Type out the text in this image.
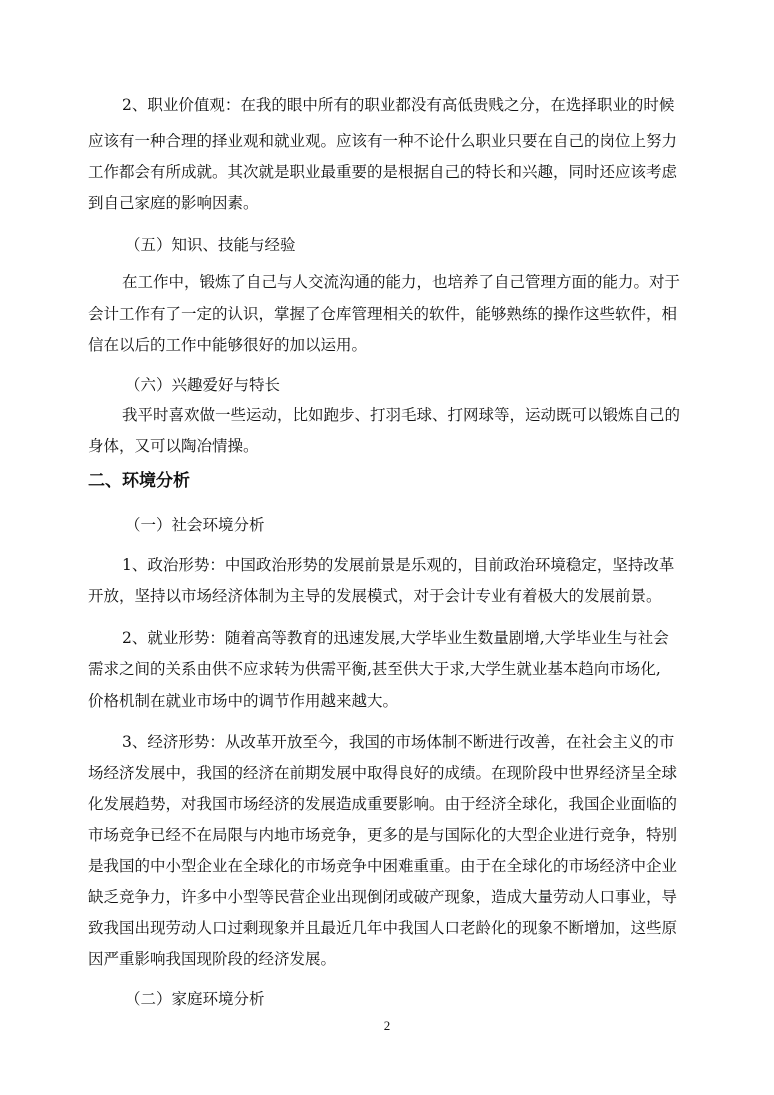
2、职业价值观：在我的眼中所有的职业都没有高低贵贱之分，在选择职业的时候
应该有一种合理的择业观和就业观。应该有一种不论什么职业只要在自己的岗位上努力
工作都会有所成就。其次就是职业最重要的是根据自己的特长和兴趣，同时还应该考虑
到自己家庭的影响因素。
（五）知识、技能与经验
在工作中，锻炼了自己与人交流沟通的能力，也培养了自己管理方面的能力。对于
会计工作有了一定的认识，掌握了仓库管理相关的软件，能够熟练的操作这些软件，相
信在以后的工作中能够很好的加以运用。
（六）兴趣爱好与特长
我平时喜欢做一些运动，比如跑步、打羽毛球、打网球等，运动既可以锻炼自己的
身体，又可以陶冶情操。
二、环境分析
（一）社会环境分析
1、政治形势：中国政治形势的发展前景是乐观的，目前政治环境稳定，坚持改革
开放，坚持以市场经济体制为主导的发展模式，对于会计专业有着极大的发展前景。
2、就业形势：随着高等教育的迅速发展,大学毕业生数量剧增,大学毕业生与社会
需求之间的关系由供不应求转为供需平衡,甚至供大于求,大学生就业基本趋向市场化,
价格机制在就业市场中的调节作用越来越大。
3、经济形势：从改革开放至今，我国的市场体制不断进行改善，在社会主义的市
场经济发展中，我国的经济在前期发展中取得良好的成绩。在现阶段中世界经济呈全球
化发展趋势，对我国市场经济的发展造成重要影响。由于经济全球化，我国企业面临的
市场竞争已经不在局限与内地市场竞争，更多的是与国际化的大型企业进行竞争，特别
是我国的中小型企业在全球化的市场竞争中困难重重。由于在全球化的市场经济中企业
缺乏竞争力，许多中小型等民营企业出现倒闭或破产现象，造成大量劳动人口事业，导
致我国出现劳动人口过剩现象并且最近几年中我国人口老龄化的现象不断增加，这些原
因严重影响我国现阶段的经济发展。
（二）家庭环境分析
2
